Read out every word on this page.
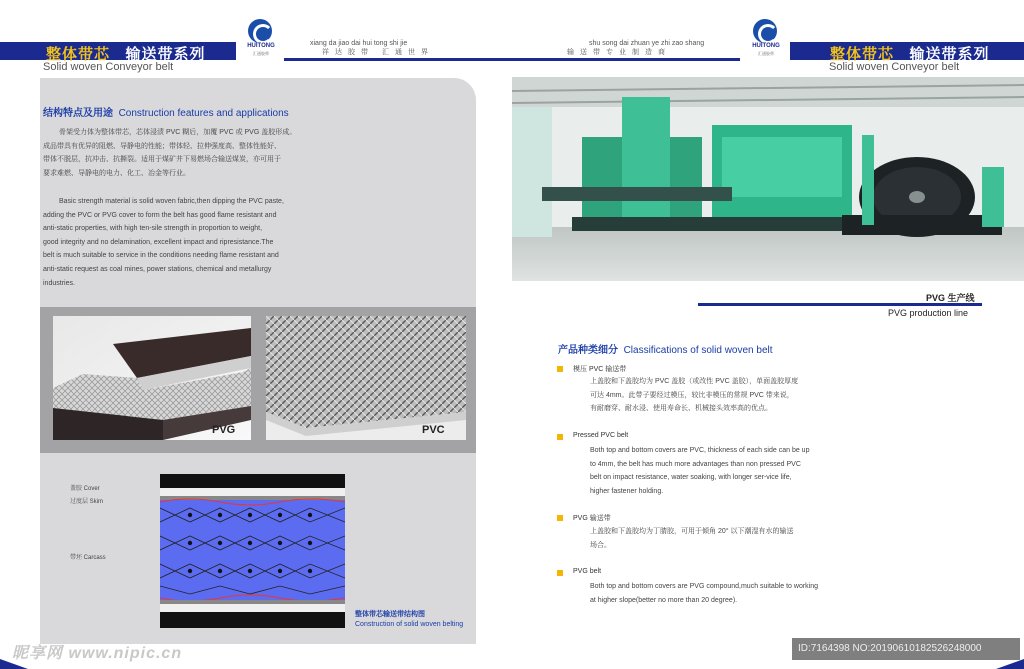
整体带芯 输送带系列
Solid woven Conveyor belt
HUITONG
汇通胶带
xiang da jiao dai hui tong shi jie
祥达胶带 汇通世界
shu song dai zhuan ye zhi zao shang
输送带专业制造商
HUITONG
汇通胶带	整体带芯 输送带系列
Solid woven Conveyor belt
结构特点及用途 Construction features and applications
骨架受力体为整体带芯，芯体浸渍 PVC 糊后，加覆 PVC 或 PVG 盖胶形成。
成品带具有优异的阻燃、导静电的性能；带体轻、拉伸强度高、整体性能好、
带体不脱层，抗冲击、抗撕裂。适用于煤矿井下易燃场合输送煤炭，亦可用于
要求难燃、导静电的电力、化工、冶金等行业。
Basic strength material is solid woven fabric,then dipping the PVC paste,
adding the PVC or PVG cover to form the belt has good flame resistant and
anti-static properties, with high ten-sile strength in proportion to weight,
good integrity and no delamination, excellent impact and ripresistance.The
belt is much suitable to service in the conditions needing flame resistant and
anti-static request as coal mines, power stations, chemical and metallurgy
industries.
PVG	PVC
盖胶 Cover
过度层 Skim
带坯 Carcass
整体带芯输送带结构图
Construction of solid woven belting
PVG 生产线
PVG production line
产品种类细分 Classifications of solid woven belt
模压 PVC 输送带
上盖胶和下盖胶均为 PVC 盖胶（或改性 PVC 盖胶），单面盖胶厚度
可达 4mm。此带子要经过模压，较比非模压的常规 PVC 带来说，
有耐磨穿、耐水浸、使用寿命长、机械接头效率高的优点。
Pressed PVC belt
Both top and bottom covers are PVC, thickness of each side can be up
to 4mm, the belt has much more advantages than non pressed PVC
belt on impact resistance, water soaking, with longer ser-vice life,
higher fastener holding.
PVG 输送带
上盖胶和下盖胶均为丁腈胶，可用于倾角 20° 以下潮湿有水的输送
场合。
PVG belt
Both top and bottom covers are PVG compound,much suitable to working
at higher slope(better no more than 20 degree).
昵享网 www.nipic.cn	ID:7164398 NO:20190610182526248000
